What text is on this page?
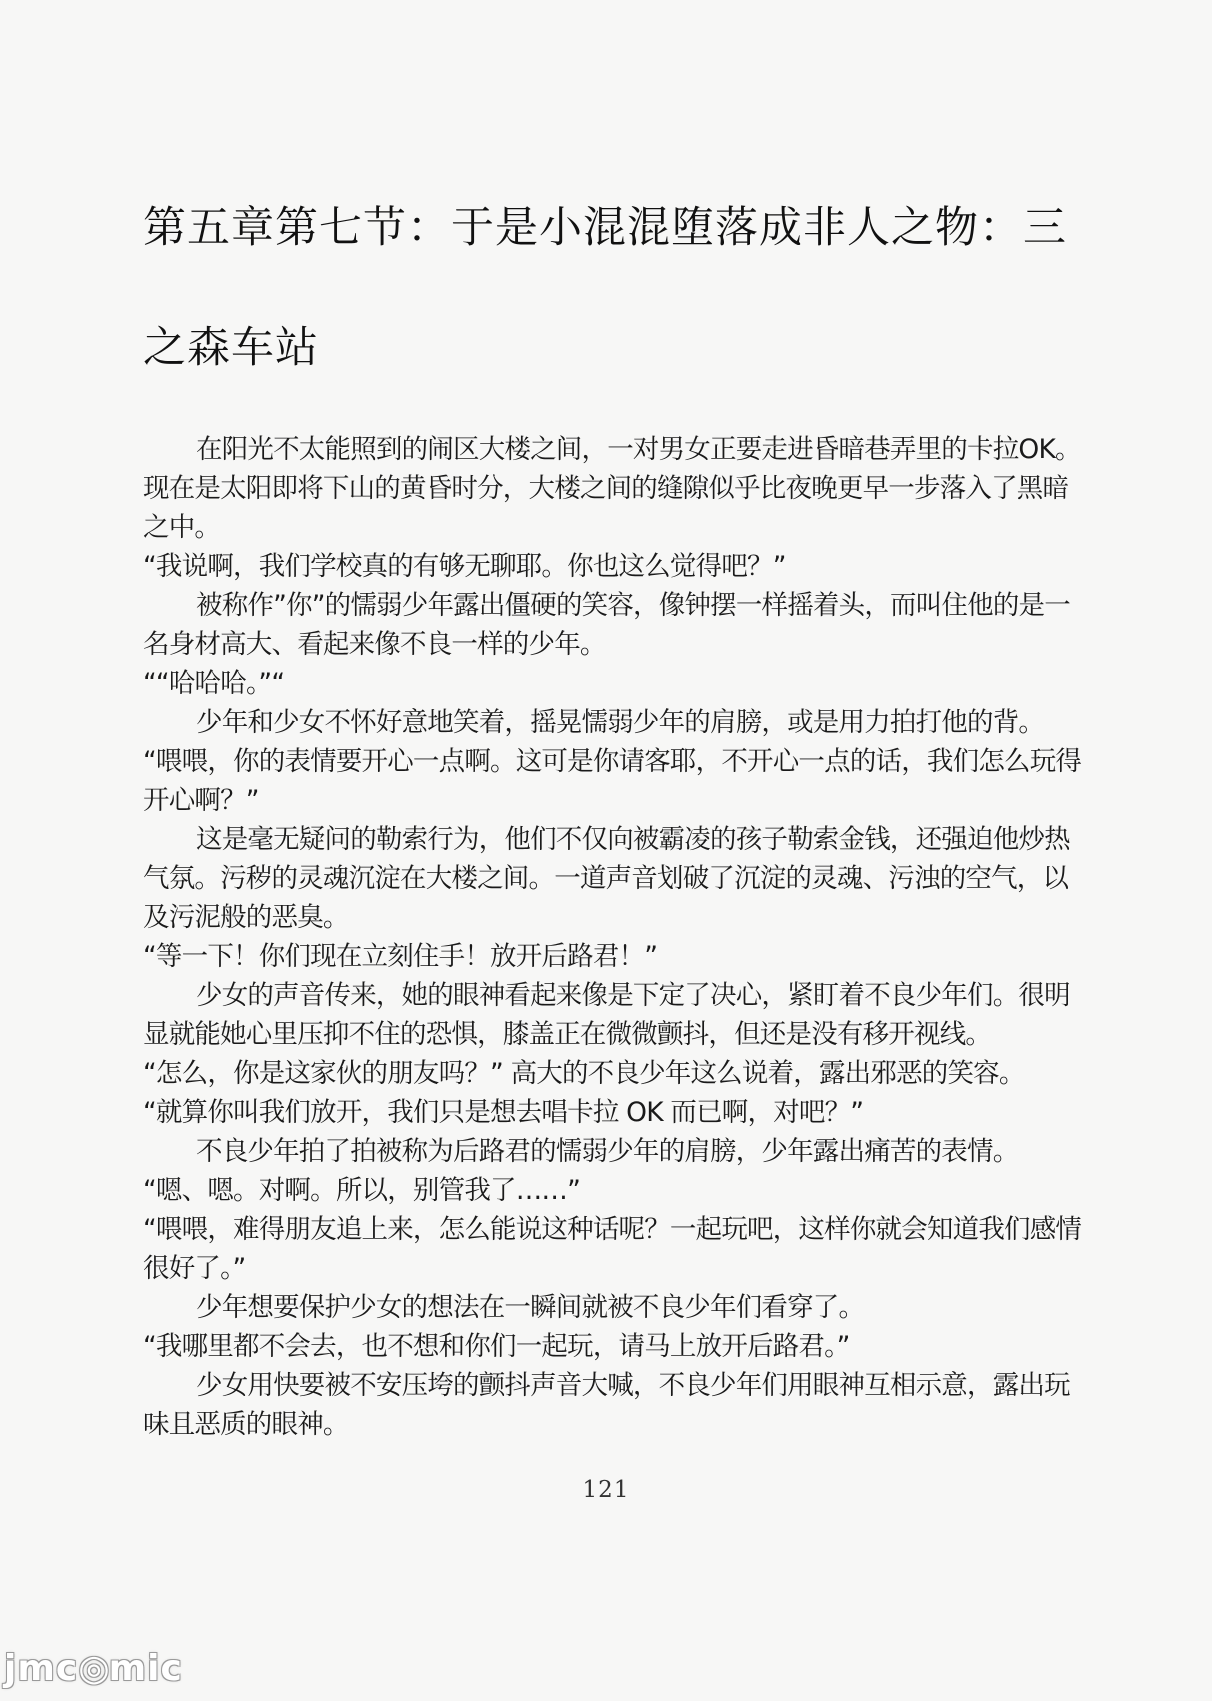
第五章第七节：于是小混混堕落成非人之物：三之森车站

在阳光不太能照到的闹区大楼之间，一对男女正要走进昏暗巷弄里的卡拉OK。现在是太阳即将下山的黄昏时分，大楼之间的缝隙似乎比夜晚更早一步落入了黑暗之中。

“我说啊，我们学校真的有够无聊耶。你也这么觉得吧？”

被称作”你”的懦弱少年露出僵硬的笑容，像钟摆一样摇着头，而叫住他的是一名身材高大、看起来像不良一样的少年。

““哈哈哈。”“

少年和少女不怀好意地笑着，摇晃懦弱少年的肩膀，或是用力拍打他的背。

“喂喂，你的表情要开心一点啊。这可是你请客耶，不开心一点的话，我们怎么玩得开心啊？”

这是毫无疑问的勒索行为，他们不仅向被霸凌的孩子勒索金钱，还强迫他炒热气氛。污秽的灵魂沉淀在大楼之间。一道声音划破了沉淀的灵魂、污浊的空气，以及污泥般的恶臭。

“等一下！你们现在立刻住手！放开后路君！”

少女的声音传来，她的眼神看起来像是下定了决心，紧盯着不良少年们。很明显就能她心里压抑不住的恐惧，膝盖正在微微颤抖，但还是没有移开视线。

“怎么，你是这家伙的朋友吗？” 高大的不良少年这么说着，露出邪恶的笑容。

“就算你叫我们放开，我们只是想去唱卡拉 OK 而已啊，对吧？”

不良少年拍了拍被称为后路君的懦弱少年的肩膀，少年露出痛苦的表情。

“嗯、嗯。对啊。所以，别管我了……”

“喂喂，难得朋友追上来，怎么能说这种话呢？一起玩吧，这样你就会知道我们感情很好了。”

少年想要保护少女的想法在一瞬间就被不良少年们看穿了。

“我哪里都不会去，也不想和你们一起玩，请马上放开后路君。”

少女用快要被不安压垮的颤抖声音大喊，不良少年们用眼神互相示意，露出玩味且恶质的眼神。

121
jmc◎mic
